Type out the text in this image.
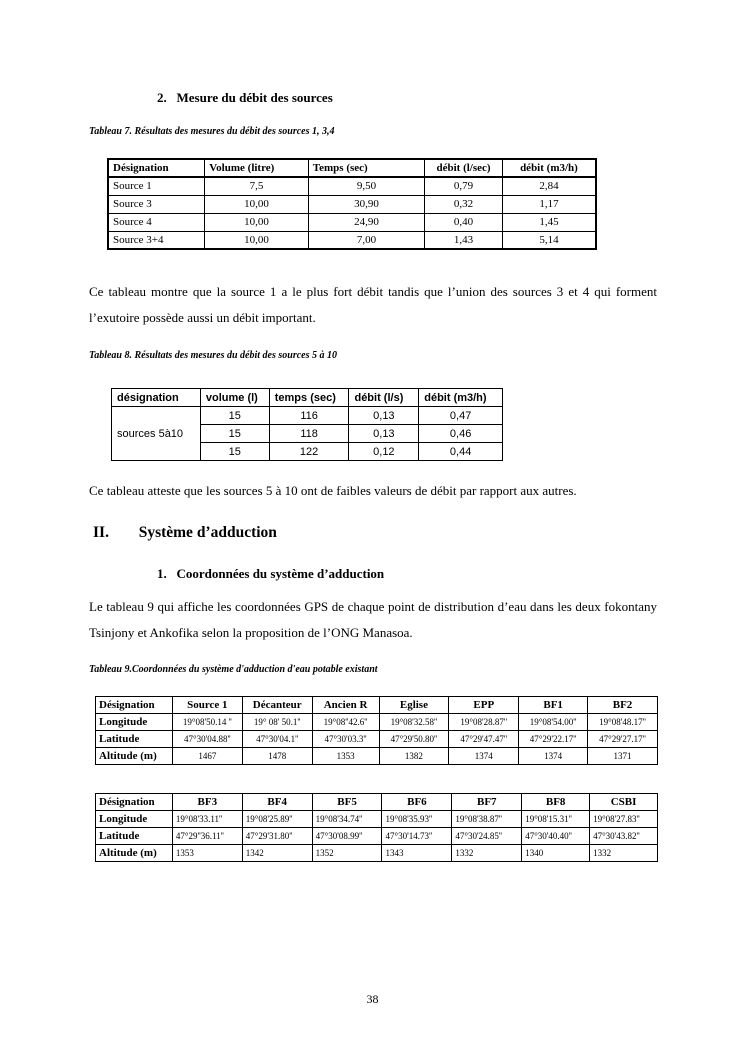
2. Mesure du débit des sources
Tableau 7. Résultats des mesures du débit des sources 1, 3,4
Désignation	Volume (litre)	Temps (sec)	débit (l/sec)	débit (m3/h)
Source 1	7,5	9,50	0,79	2,84
Source 3	10,00	30,90	0,32	1,17
Source 4	10,00	24,90	0,40	1,45
Source 3+4	10,00	7,00	1,43	5,14
Ce tableau montre que la source 1 a le plus fort débit tandis que l’union des sources 3 et 4 qui forment l’exutoire possède aussi un débit important.
Tableau 8. Résultats des mesures du débit des sources 5 à 10
désignation	volume (l)	temps (sec)	débit (l/s)	débit (m3/h)
sources 5à10	15	116	0,13	0,47
	15	118	0,13	0,46
	15	122	0,12	0,44
Ce tableau atteste que les sources 5 à 10 ont de faibles valeurs de débit par rapport aux autres.
II. Système d’adduction
1. Coordonnées du système d’adduction
Le tableau 9 qui affiche les coordonnées GPS de chaque point de distribution d’eau dans les deux fokontany Tsinjony et Ankofika selon la proposition de l’ONG Manasoa.
Tableau 9.Coordonnées du système d'adduction d'eau potable existant
Désignation	Source 1	Décanteur	Ancien R	Eglise	EPP	BF1	BF2
Longitude	19°08'50.14 ''	19° 08' 50.1''	19°08''42.6''	19°08'32.58''	19°08'28.87''	19°08'54.00''	19°08'48.17''
Latitude	47°30'04.88''	47°30'04.1''	47°30'03.3''	47°29'50.80''	47°29'47.47''	47°29'22.17''	47°29'27.17''
Altitude (m)	1467	1478	1353	1382	1374	1374	1371
Désignation	BF3	BF4	BF5	BF6	BF7	BF8	CSBI
Longitude	19°08'33.11''	19°08'25.89''	19°08'34.74''	19°08'35.93''	19°08'38.87''	19°08'15.31''	19°08'27.83''
Latitude	47°29''36.11''	47°29'31.80''	47°30'08.99''	47°30'14.73''	47°30'24.85''	47°30'40.40''	47°30'43.82''
Altitude (m)	1353	1342	1352	1343	1332	1340	1332
38
